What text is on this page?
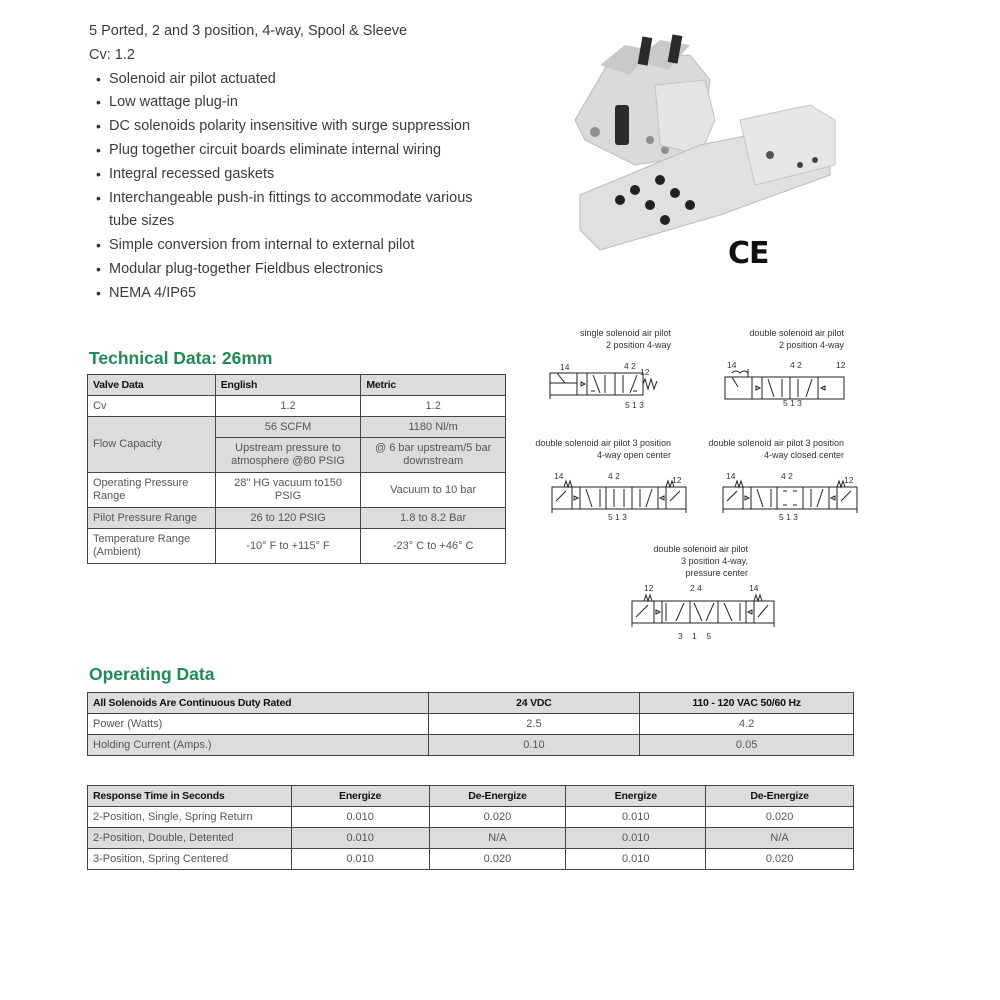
5 Ported, 2 and 3 position, 4-way, Spool & Sleeve
Cv: 1.2
• Solenoid air pilot actuated
• Low wattage plug-in
• DC solenoids polarity insensitive with surge suppression
• Plug together circuit boards eliminate internal wiring
• Integral recessed gaskets
• Interchangeable push-in fittings to accommodate various
tube sizes
• Simple conversion from internal to external pilot
• Modular plug-together Fieldbus electronics
• NEMA 4/IP65
CE
Technical Data: 26mm
Valve Data	English	Metric
Cv	1.2	1.2
Flow Capacity	56 SCFM	1180 Nl/m
	Upstream pressure to atmosphere @80 PSIG	@ 6 bar upstream/5 bar downstream
Operating Pressure Range	28" HG vacuum to150 PSIG	Vacuum to 10 bar
Pilot Pressure Range	26 to 120 PSIG	1.8 to 8.2 Bar
Temperature Range (Ambient)	-10° F to +115° F	-23° C to +46° C
single solenoid air pilot
2 position 4-way
14	4 2
12
5 1 3
double solenoid air pilot
2 position 4-way
14	4 2	12
5 1 3
double solenoid air pilot 3 position
4-way open center
14	4 2	12
5 1 3
double solenoid air pilot 3 position
4-way closed center
14	4 2	12
5 1 3
double solenoid air pilot
3 position 4-way,
pressure center
12	2 4	14
3    1    5
Operating Data
All Solenoids Are Continuous Duty Rated	24 VDC	110 - 120 VAC 50/60 Hz
Power (Watts)	2.5	4.2
Holding Current (Amps.)	0.10	0.05
Response Time in Seconds	Energize	De-Energize	Energize	De-Energize
2-Position, Single, Spring Return	0.010	0.020	0.010	0.020
2-Position, Double, Detented	0.010	N/A	0.010	N/A
3-Position, Spring Centered	0.010	0.020	0.010	0.020
